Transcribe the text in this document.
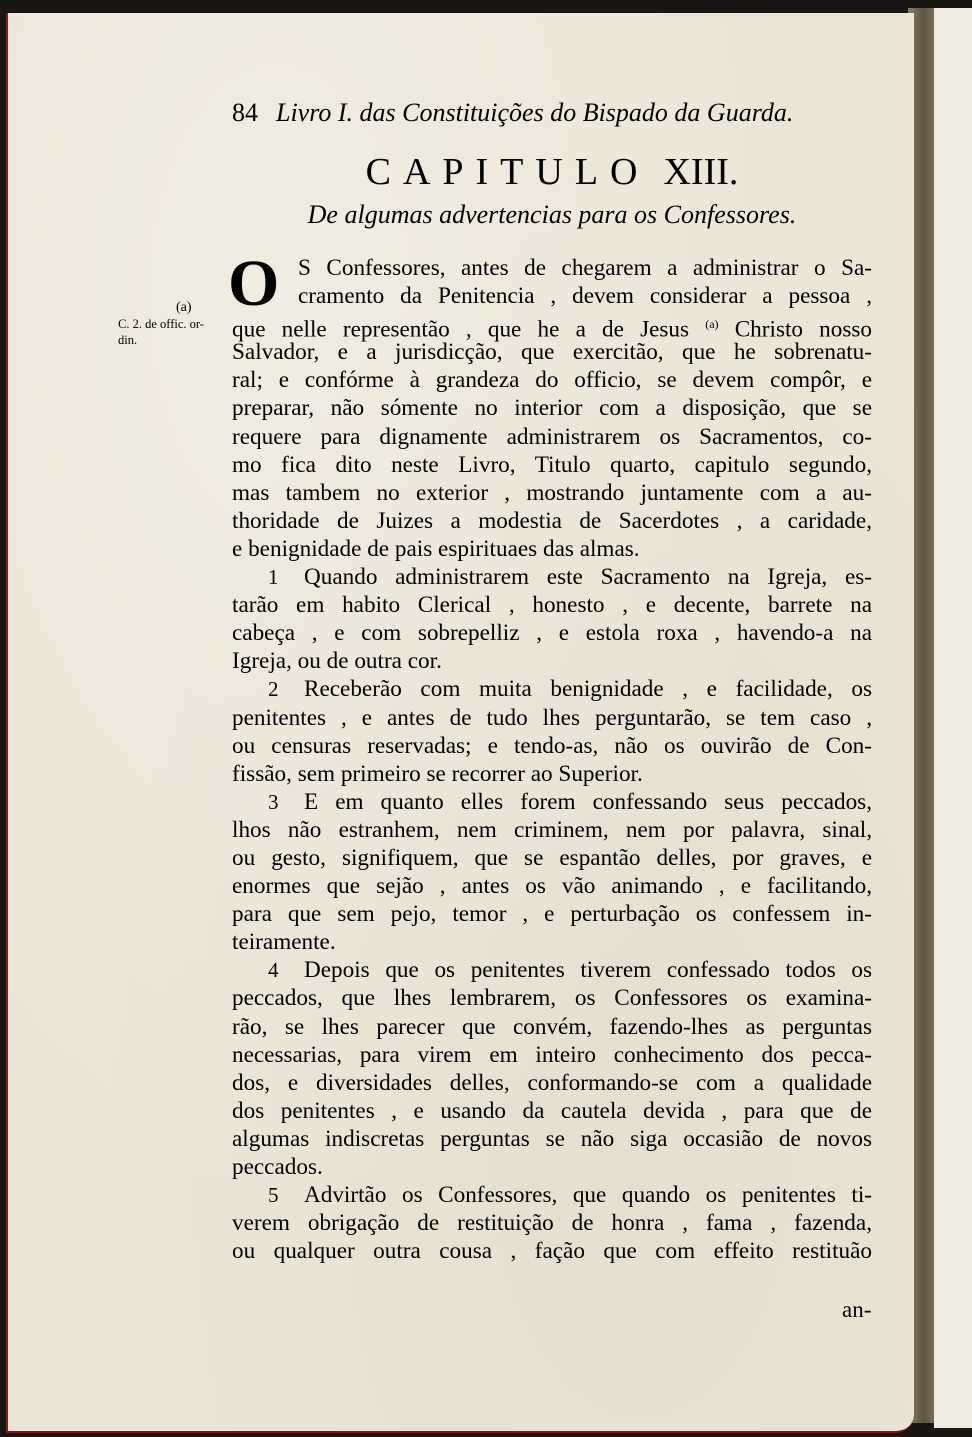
84 Livro I. das Constituições do Bispado da Guarda.
CAPITULO XIII.
De algumas advertencias para os Confessores.
(a)
C. 2. de offic. or-
din.
O S Confessores, antes de chegarem a administrar o Sa-
cramento da Penitencia , devem considerar a pessoa ,
que nelle representão , que he a de Jesus $^{(a)}$ Christo nosso
Salvador, e a jurisdicção, que exercitão, que he sobrenatu-
ral; e confórme à grandeza do officio, se devem compôr, e
preparar, não sómente no interior com a disposição, que se
requere para dignamente administrarem os Sacramentos, co-
mo fica dito neste Livro, Titulo quarto, capitulo segundo,
mas tambem no exterior , mostrando juntamente com a au-
thoridade de Juizes a modestia de Sacerdotes , a caridade,
e benignidade de pais espirituaes das almas.
1 Quando administrarem este Sacramento na Igreja, es-
tarão em habito Clerical , honesto , e decente, barrete na
cabeça , e com sobrepelliz , e estola roxa , havendo-a na
Igreja, ou de outra cor.
2 Receberão com muita benignidade , e facilidade, os
penitentes , e antes de tudo lhes perguntarão, se tem caso ,
ou censuras reservadas; e tendo-as, não os ouvirão de Con-
fissão, sem primeiro se recorrer ao Superior.
3 E em quanto elles forem confessando seus peccados,
lhos não estranhem, nem criminem, nem por palavra, sinal,
ou gesto, signifiquem, que se espantão delles, por graves, e
enormes que sejão , antes os vão animando , e facilitando,
para que sem pejo, temor , e perturbação os confessem in-
teiramente.
4 Depois que os penitentes tiverem confessado todos os
peccados, que lhes lembrarem, os Confessores os examina-
rão, se lhes parecer que convém, fazendo-lhes as perguntas
necessarias, para virem em inteiro conhecimento dos pecca-
dos, e diversidades delles, conformando-se com a qualidade
dos penitentes , e usando da cautela devida , para que de
algumas indiscretas perguntas se não siga occasião de novos
peccados.
5 Advirtão os Confessores, que quando os penitentes ti-
verem obrigação de restituição de honra , fama , fazenda,
ou qualquer outra cousa , fação que com effeito restituão
an-
